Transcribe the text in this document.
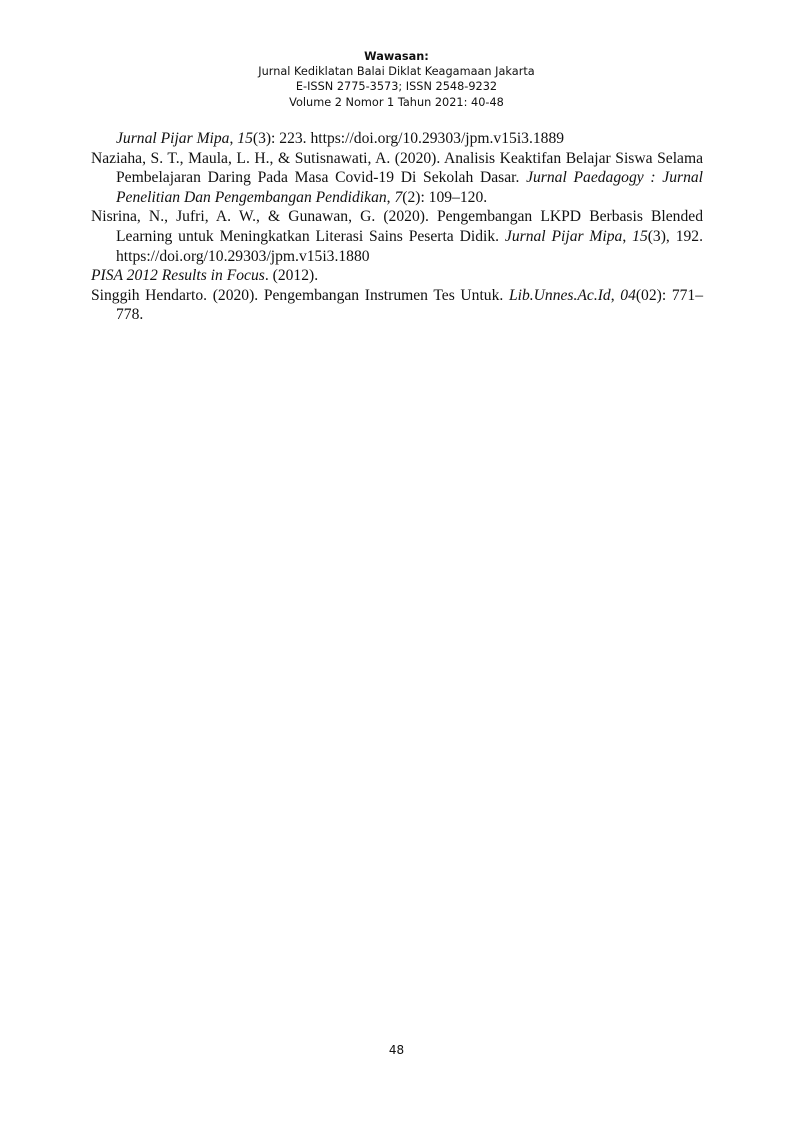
Wawasan:
Jurnal Kediklatan Balai Diklat Keagamaan Jakarta
E-ISSN 2775-3573; ISSN 2548-9232
Volume 2 Nomor 1 Tahun 2021: 40-48

Jurnal Pijar Mipa, 15(3): 223. https://doi.org/10.29303/jpm.v15i3.1889

Naziaha, S. T., Maula, L. H., & Sutisnawati, A. (2020). Analisis Keaktifan Belajar Siswa Selama Pembelajaran Daring Pada Masa Covid-19 Di Sekolah Dasar. Jurnal Paedagogy : Jurnal Penelitian Dan Pengembangan Pendidikan, 7(2): 109–120.

Nisrina, N., Jufri, A. W., & Gunawan, G. (2020). Pengembangan LKPD Berbasis Blended Learning untuk Meningkatkan Literasi Sains Peserta Didik. Jurnal Pijar Mipa, 15(3), 192. https://doi.org/10.29303/jpm.v15i3.1880

PISA 2012 Results in Focus. (2012).

Singgih Hendarto. (2020). Pengembangan Instrumen Tes Untuk. Lib.Unnes.Ac.Id, 04(02): 771–778.

48
